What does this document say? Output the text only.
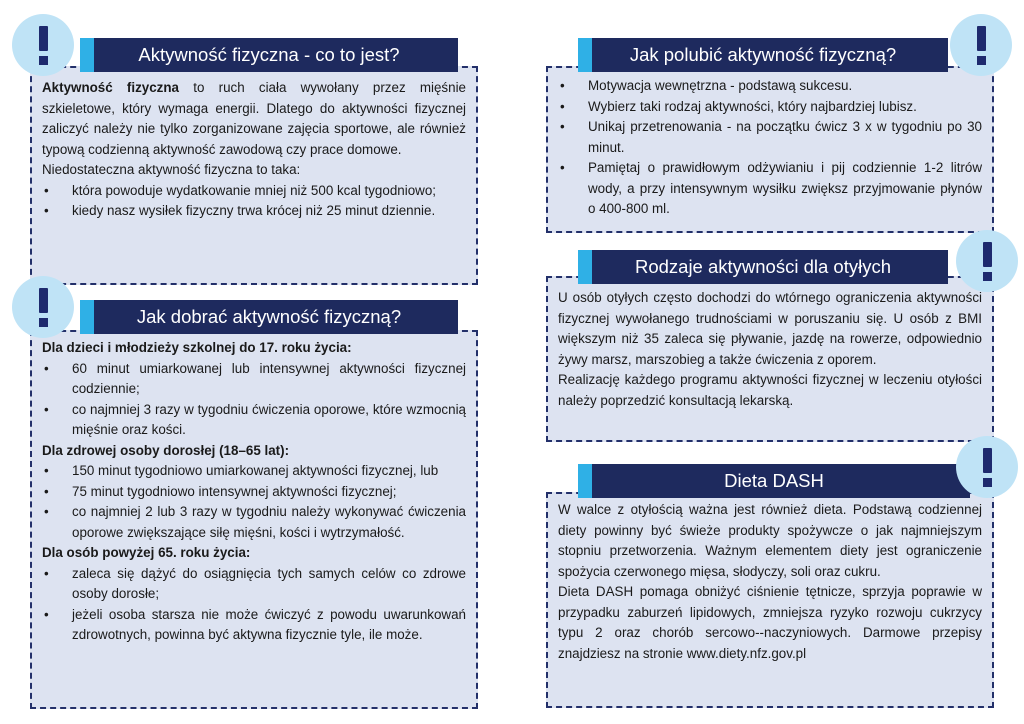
Aktywność fizyczna to ruch ciała wywołany przez mięśnie szkieletowe, który wymaga energii. Dlatego do aktywności fizycznej zaliczyć należy nie tylko zorganizowane zajęcia sportowe, ale również typową codzienną aktywność zawodową czy prace domowe.

Niedostateczna aktywność fizyczna to taka:

• która powoduje wydatkowanie mniej niż 500 kcal tygodniowo;
• kiedy nasz wysiłek fizyczny trwa krócej niż 25 minut dziennie.
Aktywność fizyczna - co to jest?

Dla dzieci i młodzieży szkolnej do 17. roku życia:

• 60 minut umiarkowanej lub intensywnej aktywności fizycznej codziennie;
• co najmniej 3 razy w tygodniu ćwiczenia oporowe, które wzmocnią mięśnie oraz kości.

Dla zdrowej osoby dorosłej (18–65 lat):

• 150 minut tygodniowo umiarkowanej aktywności fizycznej, lub
• 75 minut tygodniowo intensywnej aktywności fizycznej;
• co najmniej 2 lub 3 razy w tygodniu należy wykonywać ćwiczenia oporowe zwiększające siłę mięśni, kości i wytrzymałość.

Dla osób powyżej 65. roku życia:

• zaleca się dążyć do osiągnięcia tych samych celów co zdrowe osoby dorosłe;
• jeżeli osoba starsza nie może ćwiczyć z powodu uwarunkowań zdrowotnych, powinna być aktywna fizycznie tyle, ile może.
Jak dobrać aktywność fizyczną?
• Motywacja wewnętrzna - podstawą sukcesu.
• Wybierz taki rodzaj aktywności, który najbardziej lubisz.
• Unikaj przetrenowania - na początku ćwicz 3 x w tygodniu po 30 minut.
• Pamiętaj o prawidłowym odżywianiu i pij codziennie 1-2 litrów wody, a przy intensywnym wysiłku zwiększ przyjmowanie płynów o 400-800 ml.
Jak polubić aktywność fizyczną?

U osób otyłych często dochodzi do wtórnego ograniczenia aktywności fizycznej wywołanego trudnościami w poruszaniu się. U osób z BMI większym niż 35 zaleca się pływanie, jazdę na rowerze, odpowiednio żywy marsz, marszobieg a także ćwiczenia z oporem.

Realizację każdego programu aktywności fizycznej w leczeniu otyłości należy poprzedzić konsultacją lekarską.

Rodzaje aktywności dla otyłych

W walce z otyłością ważna jest również dieta. Podstawą codziennej diety powinny być świeże produkty spożywcze o jak najmniejszym stopniu przetworzenia. Ważnym elementem diety jest ograniczenie spożycia czerwonego mięsa, słodyczy, soli oraz cukru.

Dieta DASH pomaga obniżyć ciśnienie tętnicze, sprzyja poprawie w przypadku zaburzeń lipidowych, zmniejsza ryzyko rozwoju cukrzycy typu 2 oraz chorób sercowo--naczyniowych. Darmowe przepisy znajdziesz na stronie www.diety.nfz.gov.pl

Dieta DASH
